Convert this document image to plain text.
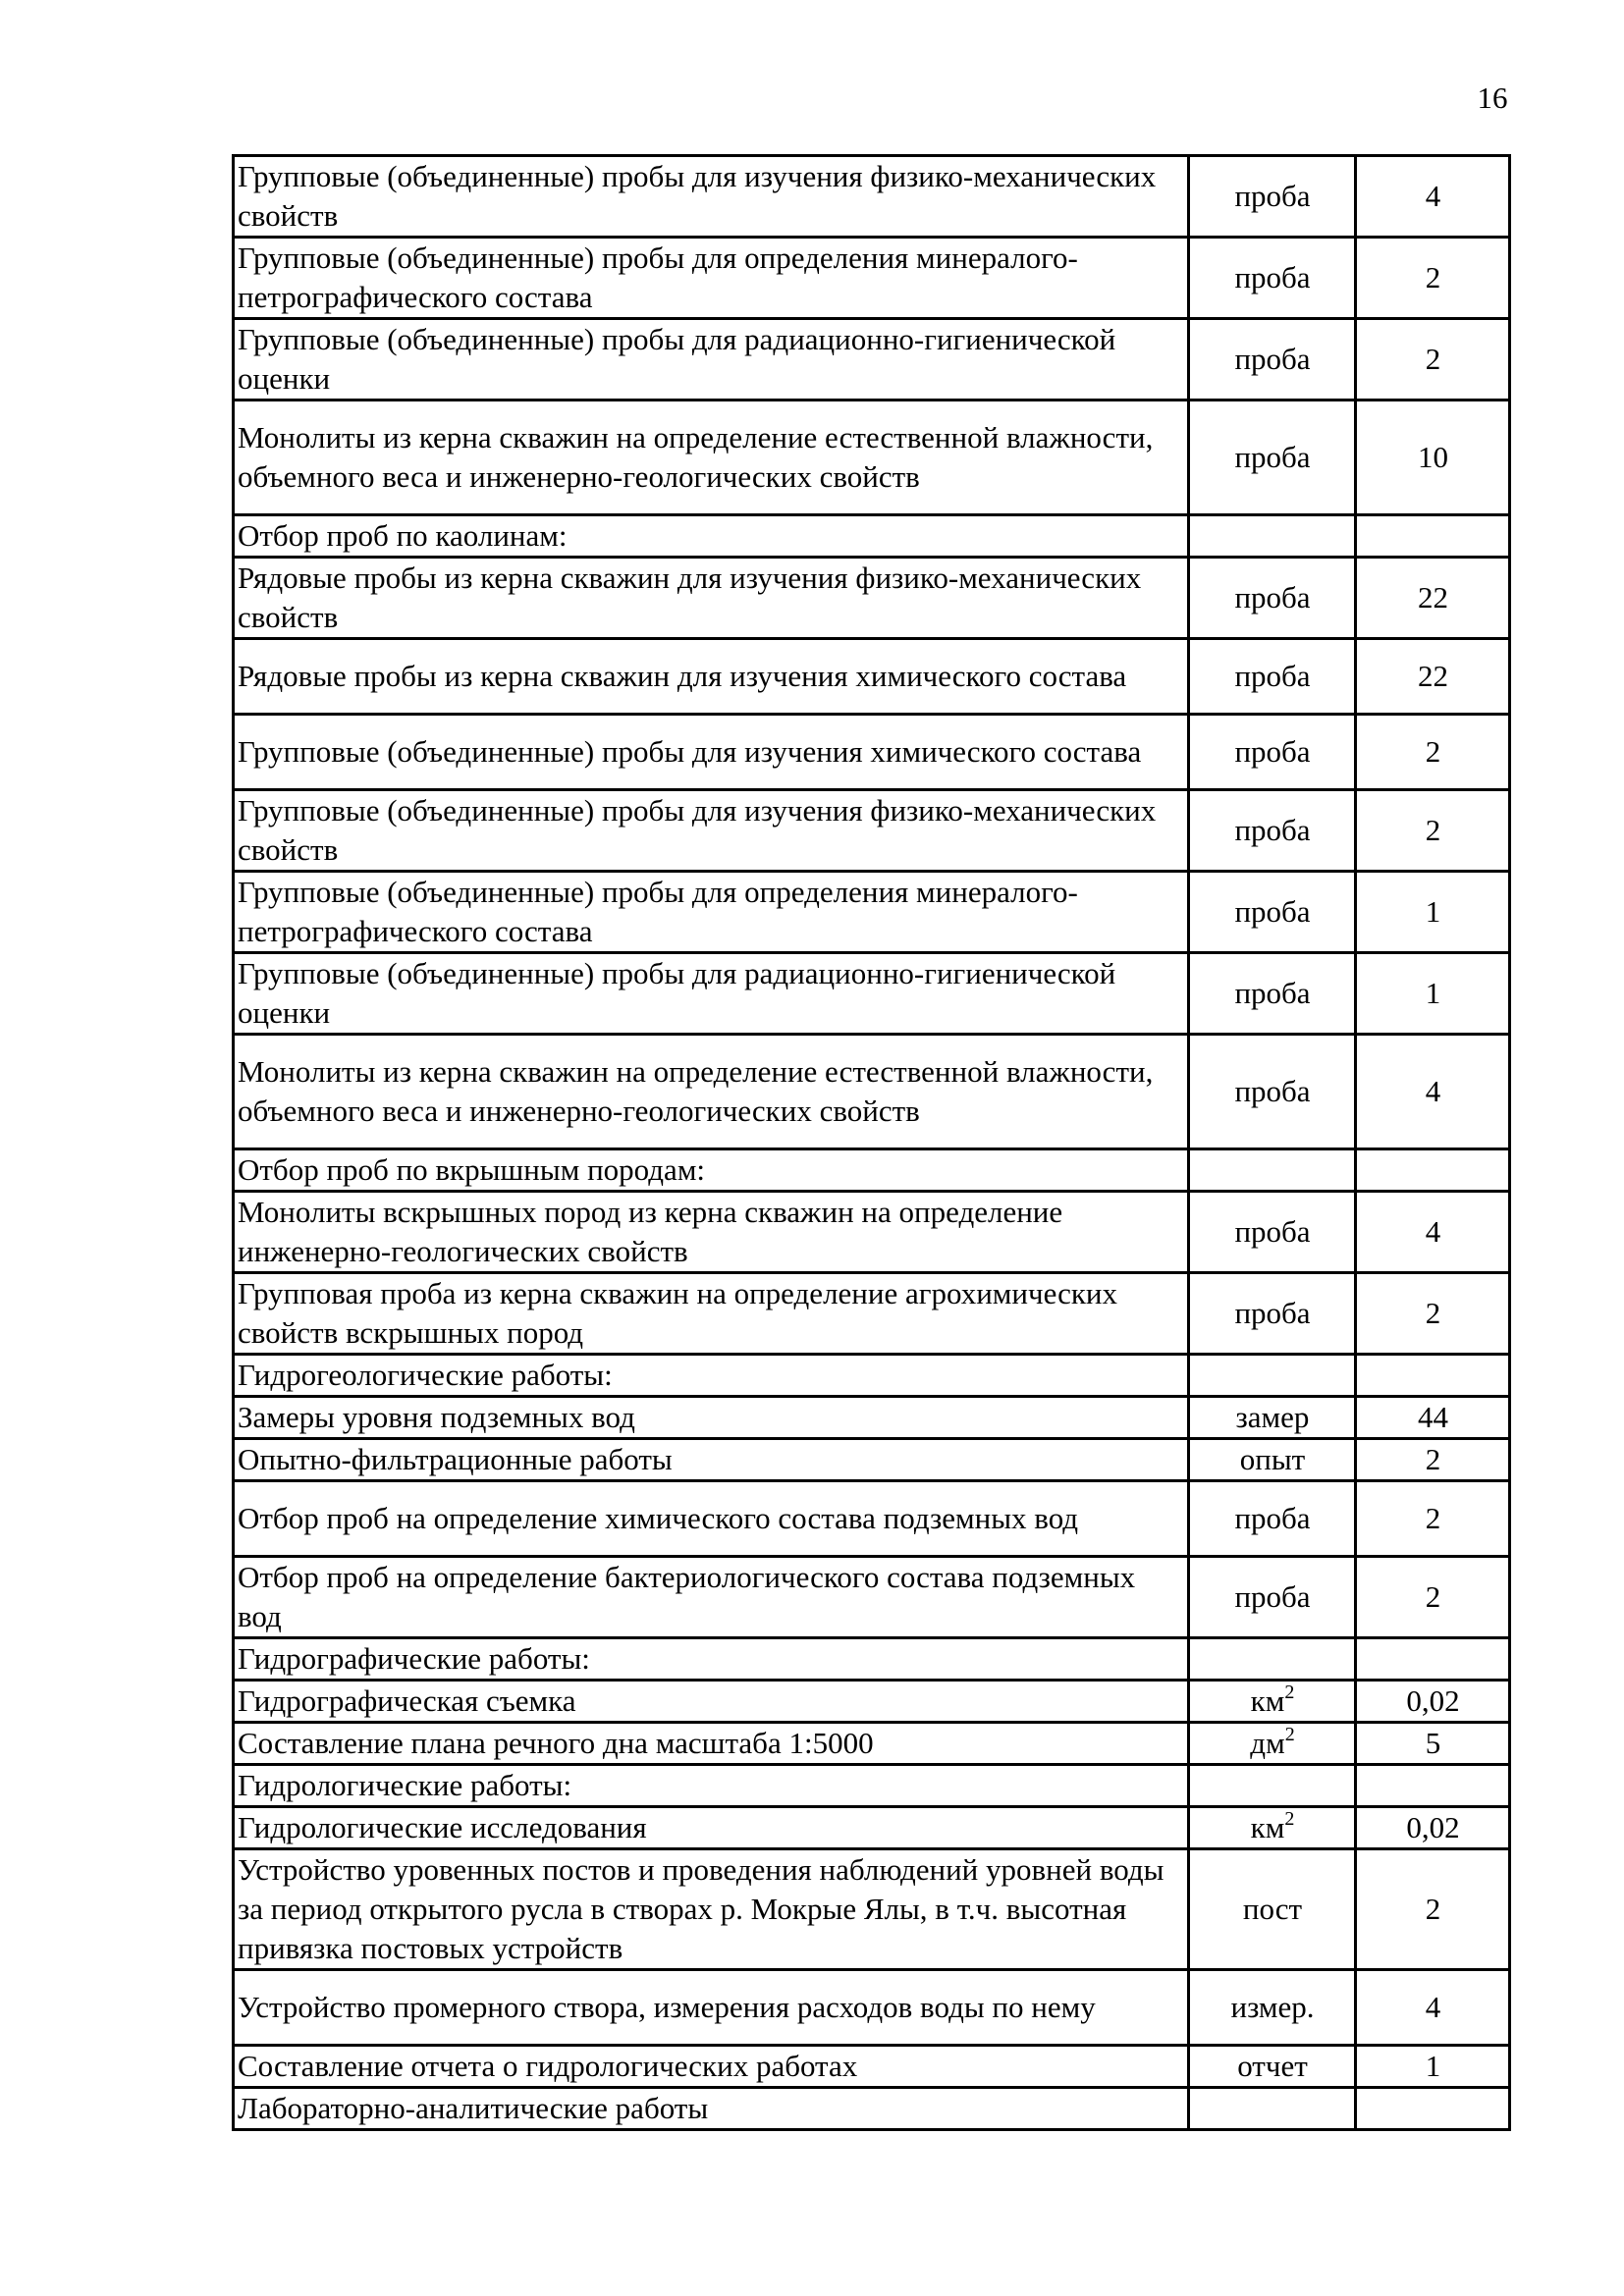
16
Групповые (объединенные) пробы для изучения физико-механических свойств	проба	4
Групповые (объединенные) пробы для определения минералого-петрографического состава	проба	2
Групповые (объединенные) пробы для радиационно-гигиенической оценки	проба	2
Монолиты из керна скважин на определение естественной влажности, объемного веса и инженерно-геологических свойств	проба	10
Отбор проб по каолинам:		
Рядовые пробы из керна скважин для изучения физико-механических свойств	проба	22
Рядовые пробы из керна скважин для изучения химического состава	проба	22
Групповые (объединенные) пробы для изучения химического состава	проба	2
Групповые (объединенные) пробы для изучения физико-механических свойств	проба	2
Групповые (объединенные) пробы для определения минералого-петрографического состава	проба	1
Групповые (объединенные) пробы для радиационно-гигиенической оценки	проба	1
Монолиты из керна скважин на определение естественной влажности, объемного веса и инженерно-геологических свойств	проба	4
Отбор проб по вкрышным породам:		
Монолиты вскрышных пород из керна скважин на определение инженерно-геологических свойств	проба	4
Групповая проба из керна скважин на определение агрохимических свойств вскрышных пород	проба	2
Гидрогеологические работы:		
Замеры уровня подземных вод	замер	44
Опытно-фильтрационные работы	опыт	2
Отбор проб на определение химического состава подземных вод	проба	2
Отбор проб на определение бактериологического состава подземных вод	проба	2
Гидрографические работы:		
Гидрографическая съемка	$км^2$	0,02
Составление плана речного дна масштаба 1:5000	$дм^2$	5
Гидрологические работы:		
Гидрологические исследования	$км^2$	0,02
Устройство уровенных постов и проведения наблюдений уровней воды за период открытого русла в створах р. Мокрые Ялы, в т.ч. высотная привязка постовых устройств	пост	2
Устройство промерного створа, измерения расходов воды по нему	измер.	4
Составление отчета о гидрологических работах	отчет	1
Лабораторно-аналитические работы		
